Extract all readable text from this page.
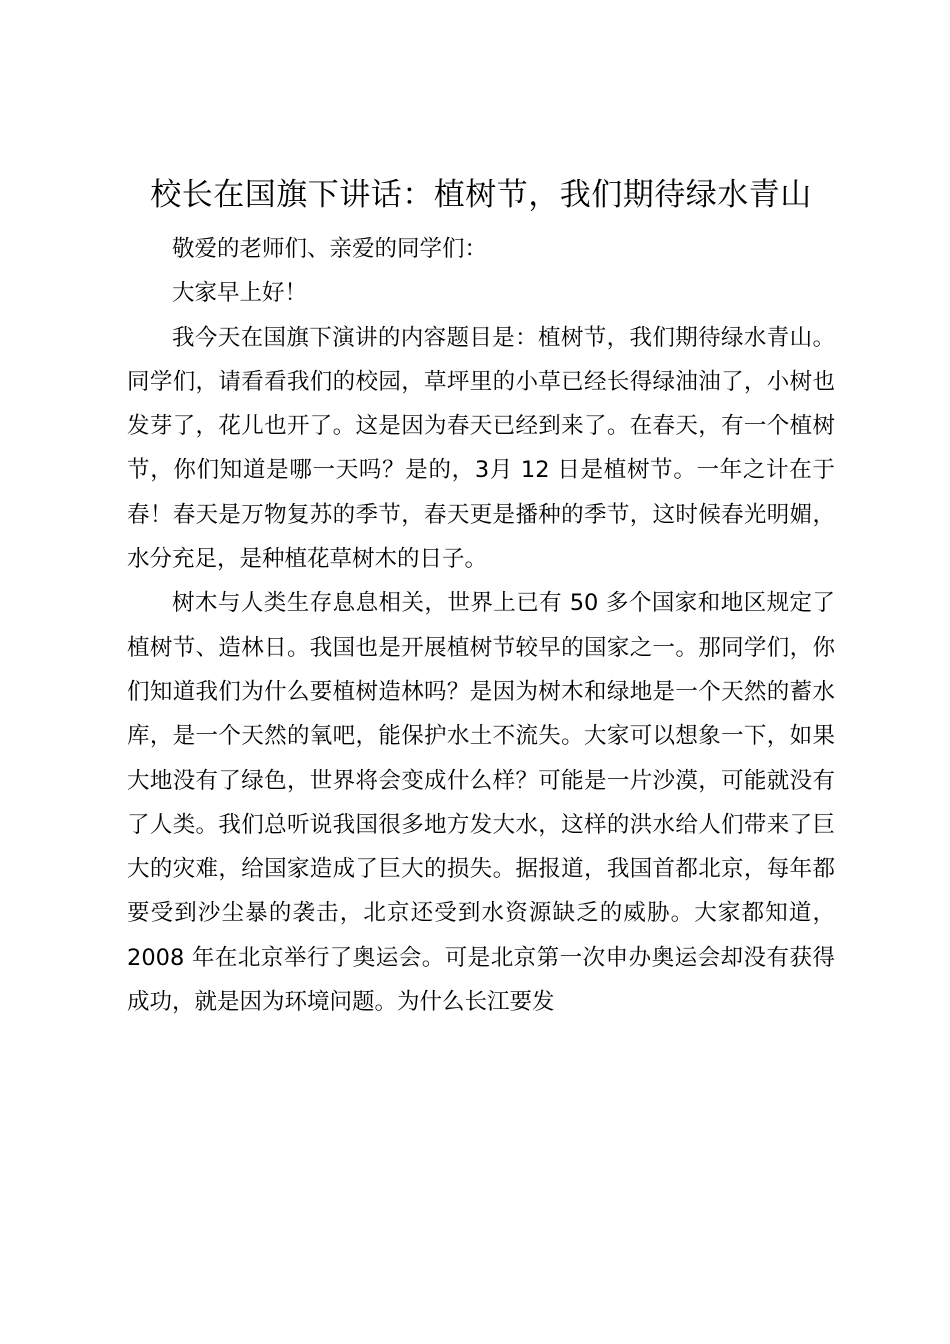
校长在国旗下讲话：植树节，我们期待绿水青山

敬爱的老师们、亲爱的同学们：

大家早上好！

我今天在国旗下演讲的内容题目是：植树节，我们期待绿水青山。同学们，请看看我们的校园，草坪里的小草已经长得绿油油了，小树也发芽了，花儿也开了。这是因为春天已经到来了。在春天，有一个植树节，你们知道是哪一天吗？是的，3月 12 日是植树节。一年之计在于春！春天是万物复苏的季节，春天更是播种的季节，这时候春光明媚，水分充足，是种植花草树木的日子。

树木与人类生存息息相关，世界上已有 50 多个国家和地区规定了植树节、造林日。我国也是开展植树节较早的国家之一。那同学们，你们知道我们为什么要植树造林吗？是因为树木和绿地是一个天然的蓄水库，是一个天然的氧吧，能保护水土不流失。大家可以想象一下，如果大地没有了绿色，世界将会变成什么样？可能是一片沙漠，可能就没有了人类。我们总听说我国很多地方发大水，这样的洪水给人们带来了巨大的灾难，给国家造成了巨大的损失。据报道，我国首都北京，每年都要受到沙尘暴的袭击，北京还受到水资源缺乏的威胁。大家都知道，2008 年在北京举行了奥运会。可是北京第一次申办奥运会却没有获得成功，就是因为环境问题。为什么长江要发
